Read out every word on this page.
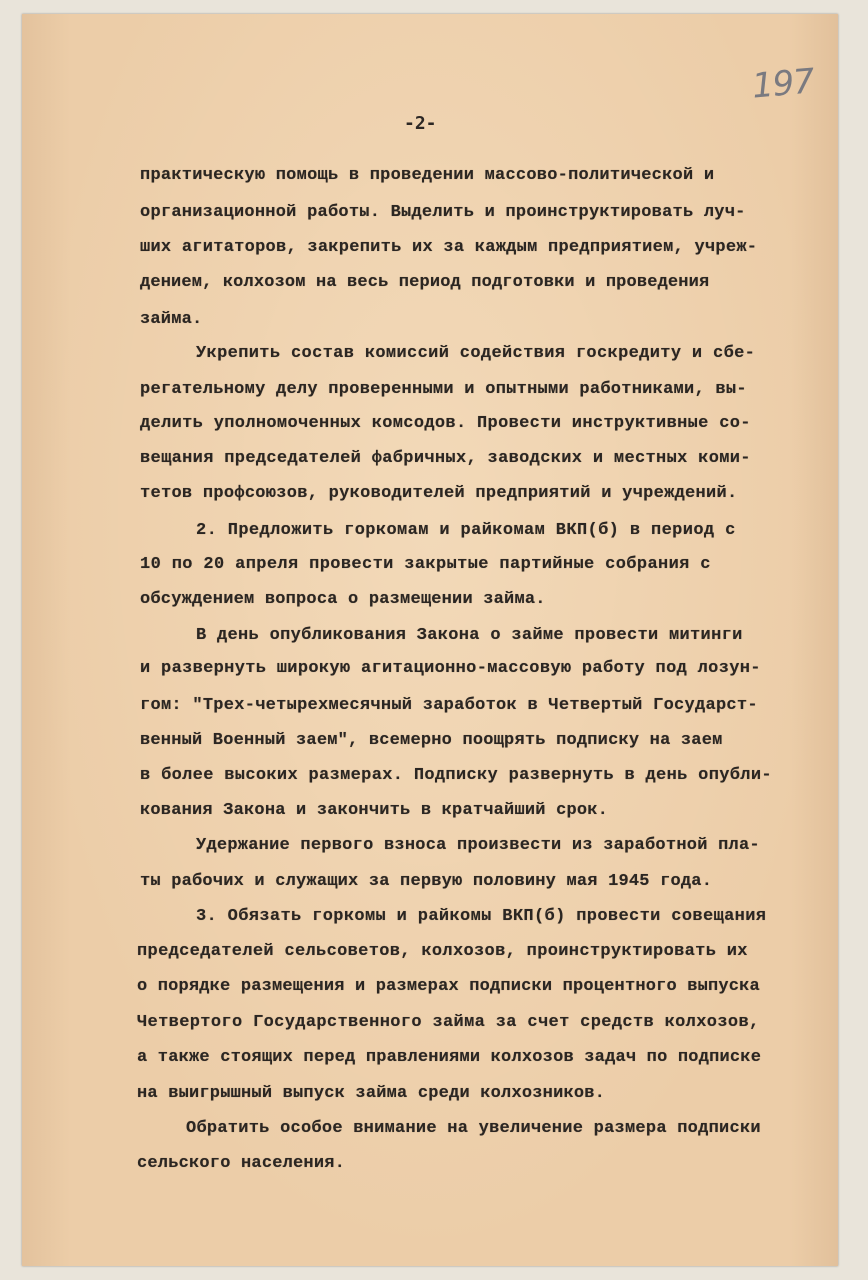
197
-2-
практическую помощь в проведении массово-политической и
организационной работы. Выделить и проинструктировать луч-
ших агитаторов, закрепить их за каждым предприятием, учреж-
дением, колхозом на весь период подготовки и проведения
займа.
Укрепить состав комиссий содействия госкредиту и сбе-
регательному делу проверенными и опытными работниками, вы-
делить уполномоченных комсодов. Провести инструктивные со-
вещания председателей фабричных, заводских и местных коми-
тетов профсоюзов, руководителей предприятий и учреждений.
2. Предложить горкомам и райкомам ВКП(б) в период с
10 по 20 апреля провести закрытые партийные собрания с
обсуждением вопроса о размещении займа.
В день опубликования Закона о займе провести митинги
и развернуть широкую агитационно-массовую работу под лозун-
гом: "Трех-четырехмесячный заработок в Четвертый Государст-
венный Военный заем", всемерно поощрять подписку на заем
в более высоких размерах. Подписку развернуть в день опубли-
кования Закона и закончить в кратчайший срок.
Удержание первого взноса произвести из заработной пла-
ты рабочих и служащих за первую половину мая 1945 года.
3. Обязать горкомы и райкомы ВКП(б) провести совещания
председателей сельсоветов, колхозов, проинструктировать их
о порядке размещения и размерах подписки процентного выпуска
Четвертого Государственного займа за счет средств колхозов,
а также стоящих перед правлениями колхозов задач по подписке
на выигрышный выпуск займа среди колхозников.
Обратить особое внимание на увеличение размера подписки
сельского населения.
